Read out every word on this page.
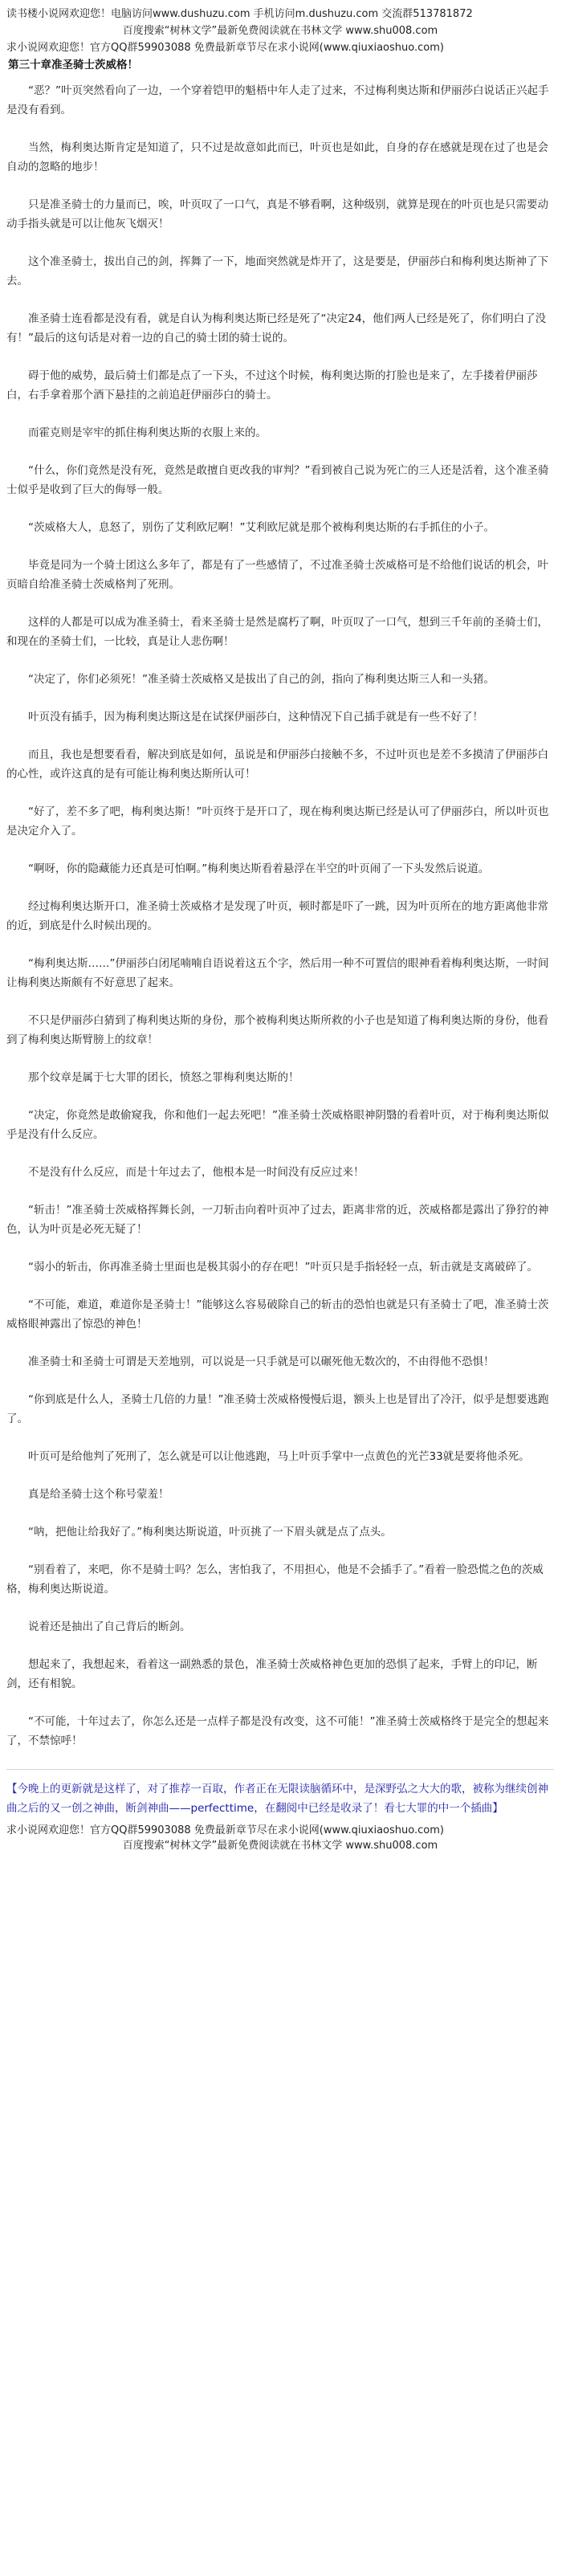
读书楼小说网欢迎您！电脑访问www.dushuzu.com 手机访问m.dushuzu.com 交流群513781872

百度搜索“树林文学”最新免费阅读就在书林文学 www.shu008.com

求小说网欢迎您！官方QQ群59903088 免费最新章节尽在求小说网(www.qiuxiaoshuo.com)

第三十章准圣骑士茨威格！

“恶？”叶页突然看向了一边，一个穿着铠甲的魁梧中年人走了过来，不过梅利奥达斯和伊丽莎白说话正兴起手是没有看到。

当然，梅利奥达斯肯定是知道了，只不过是故意如此而已，叶页也是如此，自身的存在感就是现在过了也是会自动的忽略的地步！

只是准圣骑士的力量而已，唉，叶页叹了一口气，真是不够看啊，这种级别，就算是现在的叶页也是只需要动动手指头就是可以让他灰飞烟灭！

这个准圣骑士，拔出自己的剑，挥舞了一下，地面突然就是炸开了，这是要是，伊丽莎白和梅利奥达斯神了下去。

准圣骑士连看都是没有看，就是自认为梅利奥达斯已经是死了“决定24，他们两人已经是死了，你们明白了没有！”最后的这句话是对着一边的自己的骑士团的骑士说的。

碍于他的威势，最后骑士们都是点了一下头，不过这个时候，梅利奥达斯的打脸也是来了，左手搂着伊丽莎白，右手拿着那个酒下悬挂的之前追赶伊丽莎白的骑士。

而霍克则是宰牢的抓住梅利奥达斯的衣服上来的。

“什么，你们竟然是没有死，竟然是敢擅自更改我的审判？”看到被自己说为死亡的三人还是活着，这个准圣骑士似乎是收到了巨大的侮辱一般。

“茨威格大人，息怒了，别伤了艾利欧尼啊！”艾利欧尼就是那个被梅利奥达斯的右手抓住的小子。

毕竟是同为一个骑士团这么多年了，都是有了一些感情了，不过准圣骑士茨威格可是不给他们说话的机会，叶页暗自给准圣骑士茨威格判了死刑。

这样的人都是可以成为准圣骑士，看来圣骑士是然是腐朽了啊，叶页叹了一口气，想到三千年前的圣骑士们，和现在的圣骑士们，一比较，真是让人悲伤啊！

“决定了，你们必须死！”准圣骑士茨威格又是拔出了自己的剑，指向了梅利奥达斯三人和一头猪。

叶页没有插手，因为梅利奥达斯这是在试探伊丽莎白，这种情况下自己插手就是有一些不好了！

而且，我也是想要看看，解决到底是如何，虽说是和伊丽莎白接触不多，不过叶页也是差不多摸清了伊丽莎白的心性，或许这真的是有可能让梅利奥达斯所认可！

“好了，差不多了吧，梅利奥达斯！”叶页终于是开口了，现在梅利奥达斯已经是认可了伊丽莎白，所以叶页也是决定介入了。

“啊呀，你的隐藏能力还真是可怕啊。”梅利奥达斯看着悬浮在半空的叶页闹了一下头发然后说道。

经过梅利奥达斯开口，准圣骑士茨威格才是发现了叶页，顿时都是吓了一跳，因为叶页所在的地方距离他非常的近，到底是什么时候出现的。

“梅利奥达斯……”伊丽莎白闭尾喃喃自语说着这五个字，然后用一种不可置信的眼神看着梅利奥达斯，一时间让梅利奥达斯颇有不好意思了起来。

不只是伊丽莎白猜到了梅利奥达斯的身份，那个被梅利奥达斯所救的小子也是知道了梅利奥达斯的身份，他看到了梅利奥达斯臂膀上的纹章！

那个纹章是属于七大罪的团长，愤怒之罪梅利奥达斯的！

“决定，你竟然是敢偷窥我，你和他们一起去死吧！”准圣骑士茨威格眼神阴翳的看着叶页，对于梅利奥达斯似乎是没有什么反应。

不是没有什么反应，而是十年过去了，他根本是一时间没有反应过来！

“斩击！”准圣骑士茨威格挥舞长剑，一刀斩击向着叶页冲了过去，距离非常的近，茨威格都是露出了狰狞的神色，认为叶页是必死无疑了！

“弱小的斩击，你再准圣骑士里面也是极其弱小的存在吧！”叶页只是手指轻轻一点，斩击就是支离破碎了。

“不可能，难道，难道你是圣骑士！”能够这么容易破除自己的斩击的恐怕也就是只有圣骑士了吧，准圣骑士茨威格眼神露出了惊恐的神色！

准圣骑士和圣骑士可谓是天差地别，可以说是一只手就是可以碾死他无数次的，不由得他不恐惧！

“你到底是什么人，圣骑士几倍的力量！”准圣骑士茨威格慢慢后退，额头上也是冒出了冷汗，似乎是想要逃跑了。

叶页可是给他判了死刑了，怎么就是可以让他逃跑，马上叶页手掌中一点黄色的光芒33就是要将他杀死。

真是给圣骑士这个称号蒙羞！

“呐，把他让给我好了。”梅利奥达斯说道，叶页挑了一下眉头就是点了点头。

“别看着了，来吧，你不是骑士吗？怎么，害怕我了，不用担心，他是不会插手了。”看着一脸恐慌之色的茨威格，梅利奥达斯说道。

说着还是抽出了自己背后的断剑。

想起来了，我想起来，看着这一副熟悉的景色，准圣骑士茨威格神色更加的恐惧了起来，手臂上的印记，断剑，还有相貌。

“不可能，十年过去了，你怎么还是一点样子都是没有改变，这不可能！”准圣骑士茨威格终于是完全的想起来了，不禁惊呼！

【今晚上的更新就是这样了，对了推荐一百取，作者正在无限读脑循环中，是深野弘之大大的歌，被称为继续创神曲之后的又一创之神曲，断剑神曲——perfecttime，在翻阅中已经是收录了！看七大罪的中一个插曲】

求小说网欢迎您！官方QQ群59903088 免费最新章节尽在求小说网(www.qiuxiaoshuo.com)

百度搜索“树林文学”最新免费阅读就在书林文学 www.shu008.com
